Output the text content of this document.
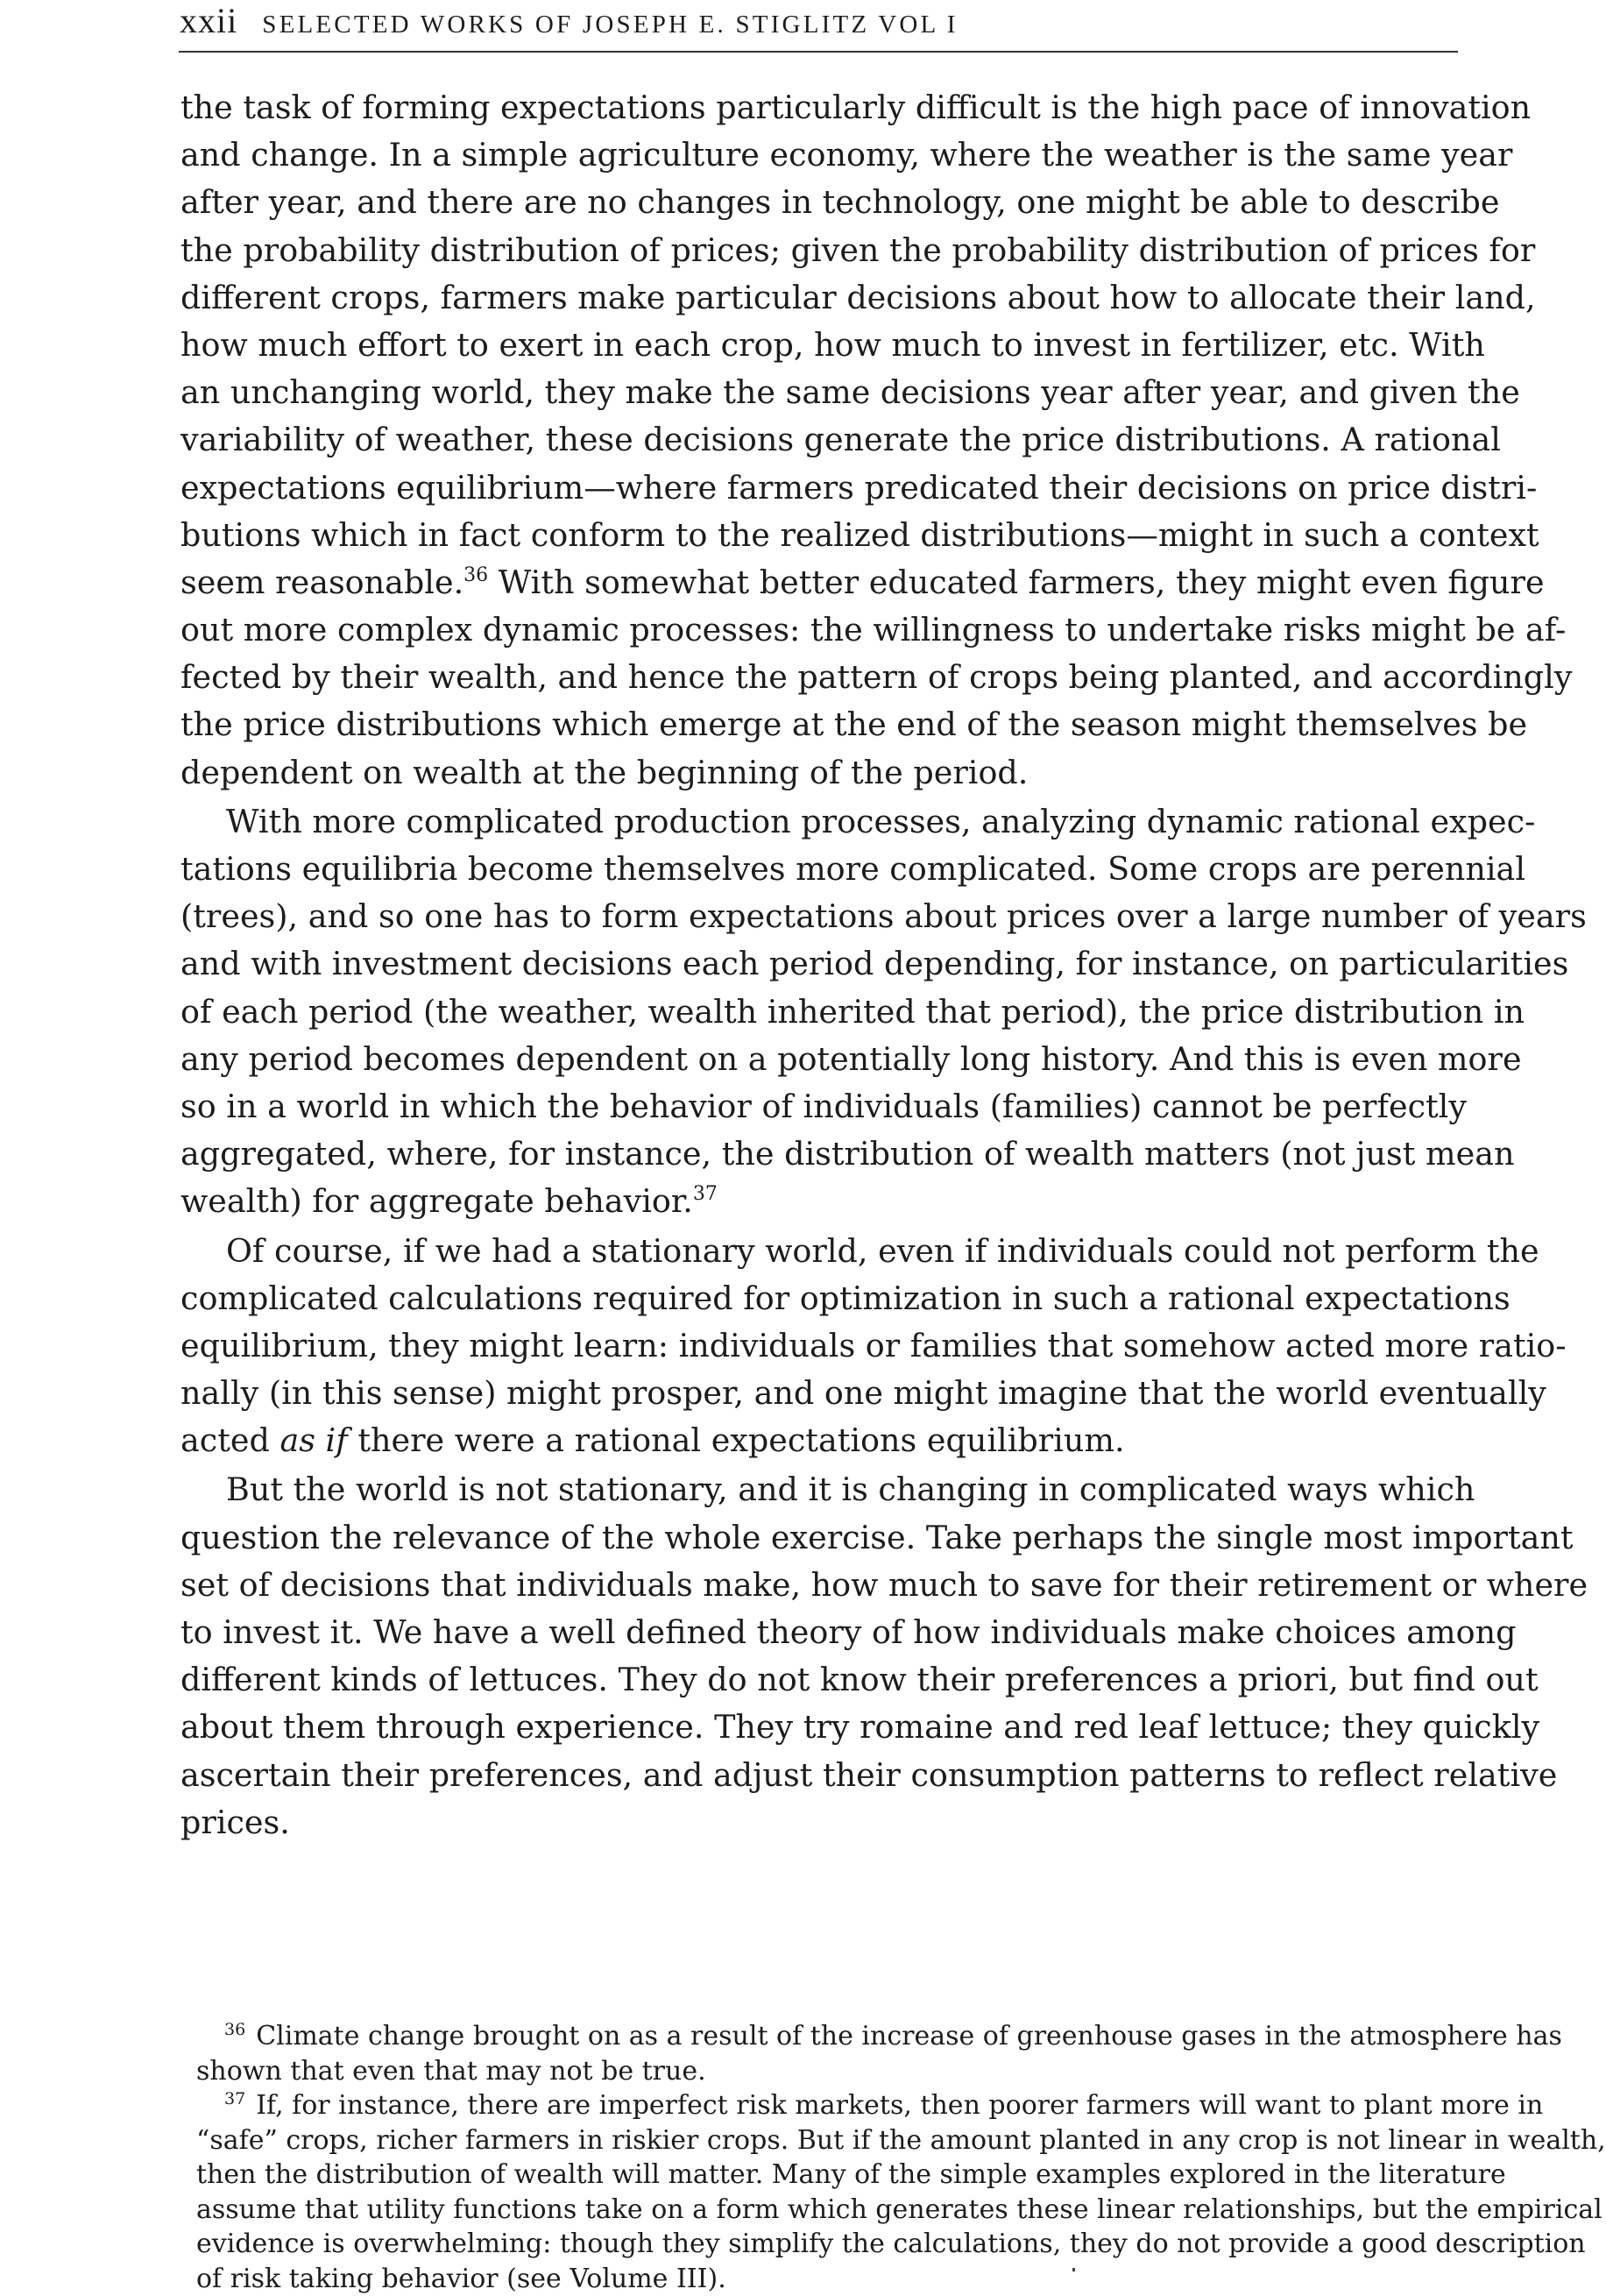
xxii SELECTED WORKS OF JOSEPH E. STIGLITZ VOL I
the task of forming expectations particularly difficult is the high pace of innovation
and change. In a simple agriculture economy, where the weather is the same year
after year, and there are no changes in technology, one might be able to describe
the probability distribution of prices; given the probability distribution of prices for
different crops, farmers make particular decisions about how to allocate their land,
how much effort to exert in each crop, how much to invest in fertilizer, etc. With
an unchanging world, they make the same decisions year after year, and given the
variability of weather, these decisions generate the price distributions. A rational
expectations equilibrium—where farmers predicated their decisions on price distri-
butions which in fact conform to the realized distributions—might in such a context
seem reasonable.$^{36}$ With somewhat better educated farmers, they might even figure
out more complex dynamic processes: the willingness to undertake risks might be af-
fected by their wealth, and hence the pattern of crops being planted, and accordingly
the price distributions which emerge at the end of the season might themselves be
dependent on wealth at the beginning of the period.
With more complicated production processes, analyzing dynamic rational expec-
tations equilibria become themselves more complicated. Some crops are perennial
(trees), and so one has to form expectations about prices over a large number of years
and with investment decisions each period depending, for instance, on particularities
of each period (the weather, wealth inherited that period), the price distribution in
any period becomes dependent on a potentially long history. And this is even more
so in a world in which the behavior of individuals (families) cannot be perfectly
aggregated, where, for instance, the distribution of wealth matters (not just mean
wealth) for aggregate behavior.$^{37}$
Of course, if we had a stationary world, even if individuals could not perform the
complicated calculations required for optimization in such a rational expectations
equilibrium, they might learn: individuals or families that somehow acted more ratio-
nally (in this sense) might prosper, and one might imagine that the world eventually
acted as if there were a rational expectations equilibrium.
But the world is not stationary, and it is changing in complicated ways which
question the relevance of the whole exercise. Take perhaps the single most important
set of decisions that individuals make, how much to save for their retirement or where
to invest it. We have a well defined theory of how individuals make choices among
different kinds of lettuces. They do not know their preferences a priori, but find out
about them through experience. They try romaine and red leaf lettuce; they quickly
ascertain their preferences, and adjust their consumption patterns to reflect relative
prices.
$^{36}$ Climate change brought on as a result of the increase of greenhouse gases in the atmosphere has
shown that even that may not be true.
$^{37}$ If, for instance, there are imperfect risk markets, then poorer farmers will want to plant more in
“safe” crops, richer farmers in riskier crops. But if the amount planted in any crop is not linear in wealth,
then the distribution of wealth will matter. Many of the simple examples explored in the literature
assume that utility functions take on a form which generates these linear relationships, but the empirical
evidence is overwhelming: though they simplify the calculations, they do not provide a good description
of risk taking behavior (see Volume III).
